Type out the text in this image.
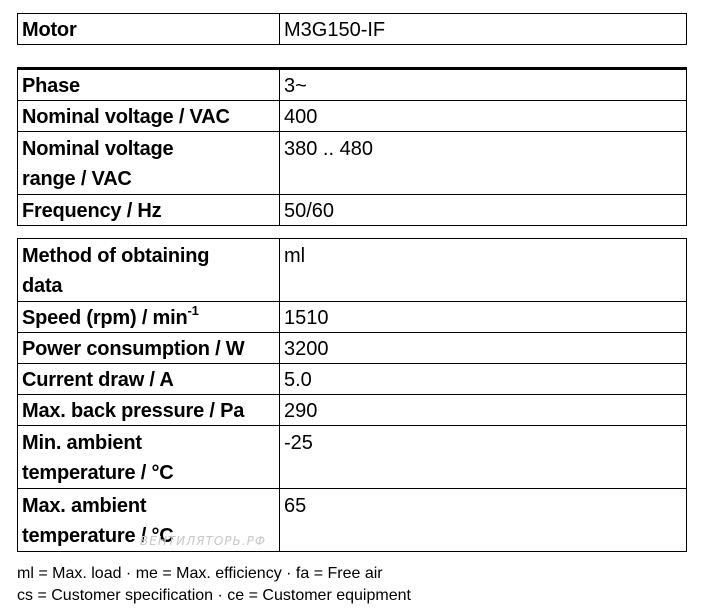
Motor	M3G150-IF
Phase	3~
Nominal voltage / VAC	400
Nominal voltage
range / VAC	380 .. 480
Frequency / Hz	50/60
Method of obtaining
data	ml
Speed $(rpm) / \min^{-1}$	1510
Power consumption / W	3200
Current draw / A	5.0
Max. back pressure / Pa	290
Min. ambient
temperature / °C	-25
Max. ambient
temperature / °C	65
ВЕНТИЛЯТОРЬ.РФ
ml = Max. load · me = Max. efficiency · fa = Free air
cs = Customer specification · ce = Customer equipment
